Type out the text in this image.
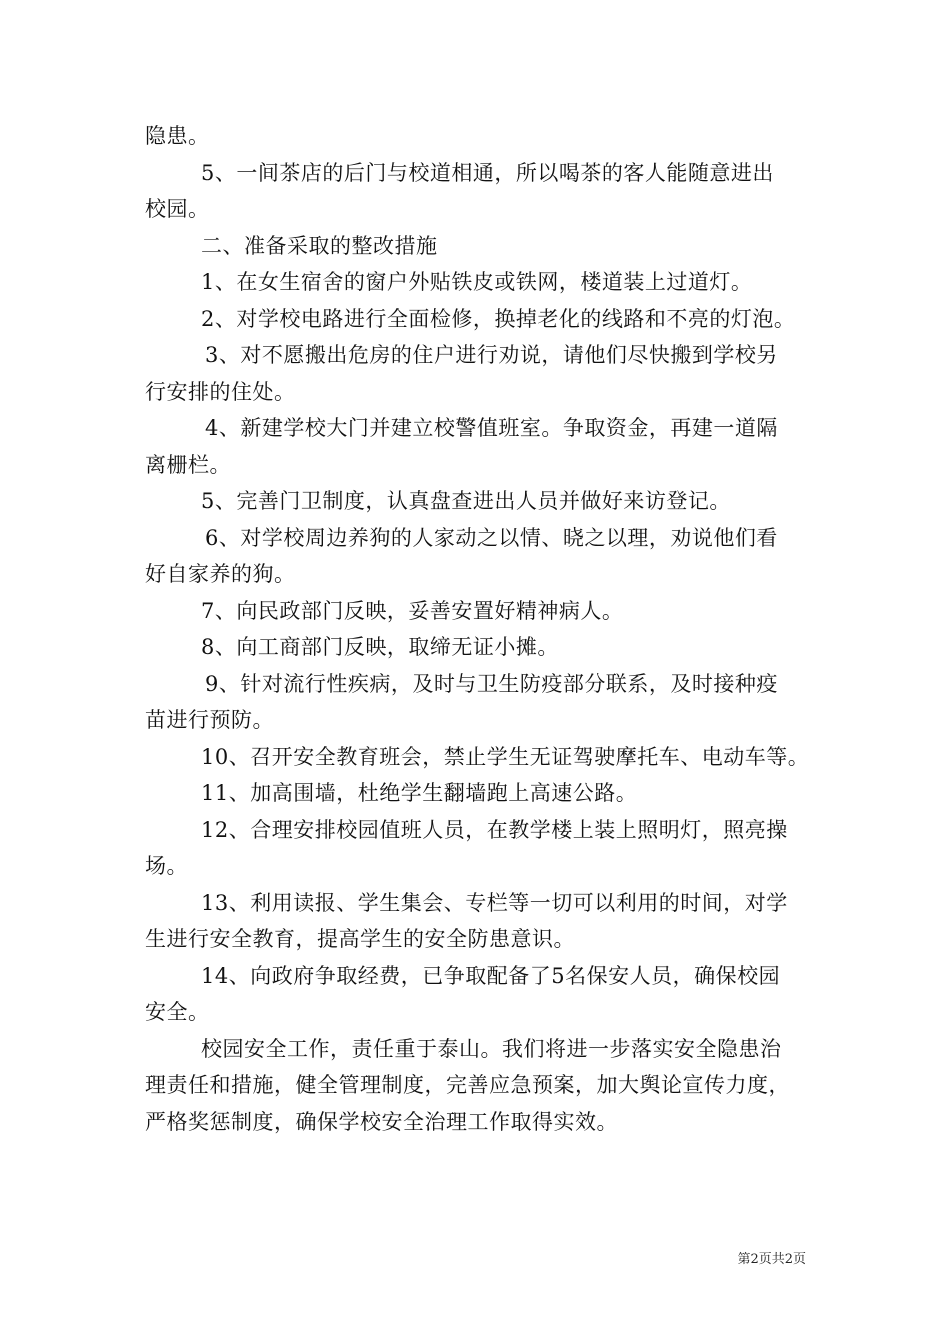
隐患。
5、一间茶店的后门与校道相通，所以喝茶的客人能随意进出
校园。
二、准备采取的整改措施
1、在女生宿舍的窗户外贴铁皮或铁网，楼道装上过道灯。
2、对学校电路进行全面检修，换掉老化的线路和不亮的灯泡。
3、对不愿搬出危房的住户进行劝说，请他们尽快搬到学校另
行安排的住处。
4、新建学校大门并建立校警值班室。争取资金，再建一道隔
离栅栏。
5、完善门卫制度，认真盘查进出人员并做好来访登记。
6、对学校周边养狗的人家动之以情、晓之以理，劝说他们看
好自家养的狗。
7、向民政部门反映，妥善安置好精神病人。
8、向工商部门反映，取缔无证小摊。
9、针对流行性疾病，及时与卫生防疫部分联系，及时接种疫
苗进行预防。
10、召开安全教育班会，禁止学生无证驾驶摩托车、电动车等。
11、加高围墙，杜绝学生翻墙跑上高速公路。
12、合理安排校园值班人员，在教学楼上装上照明灯，照亮操
场。
13、利用读报、学生集会、专栏等一切可以利用的时间，对学
生进行安全教育，提高学生的安全防患意识。
14、向政府争取经费，已争取配备了5名保安人员，确保校园
安全。
校园安全工作，责任重于泰山。我们将进一步落实安全隐患治
理责任和措施，健全管理制度，完善应急预案，加大舆论宣传力度，
严格奖惩制度，确保学校安全治理工作取得实效。
第2页共2页
